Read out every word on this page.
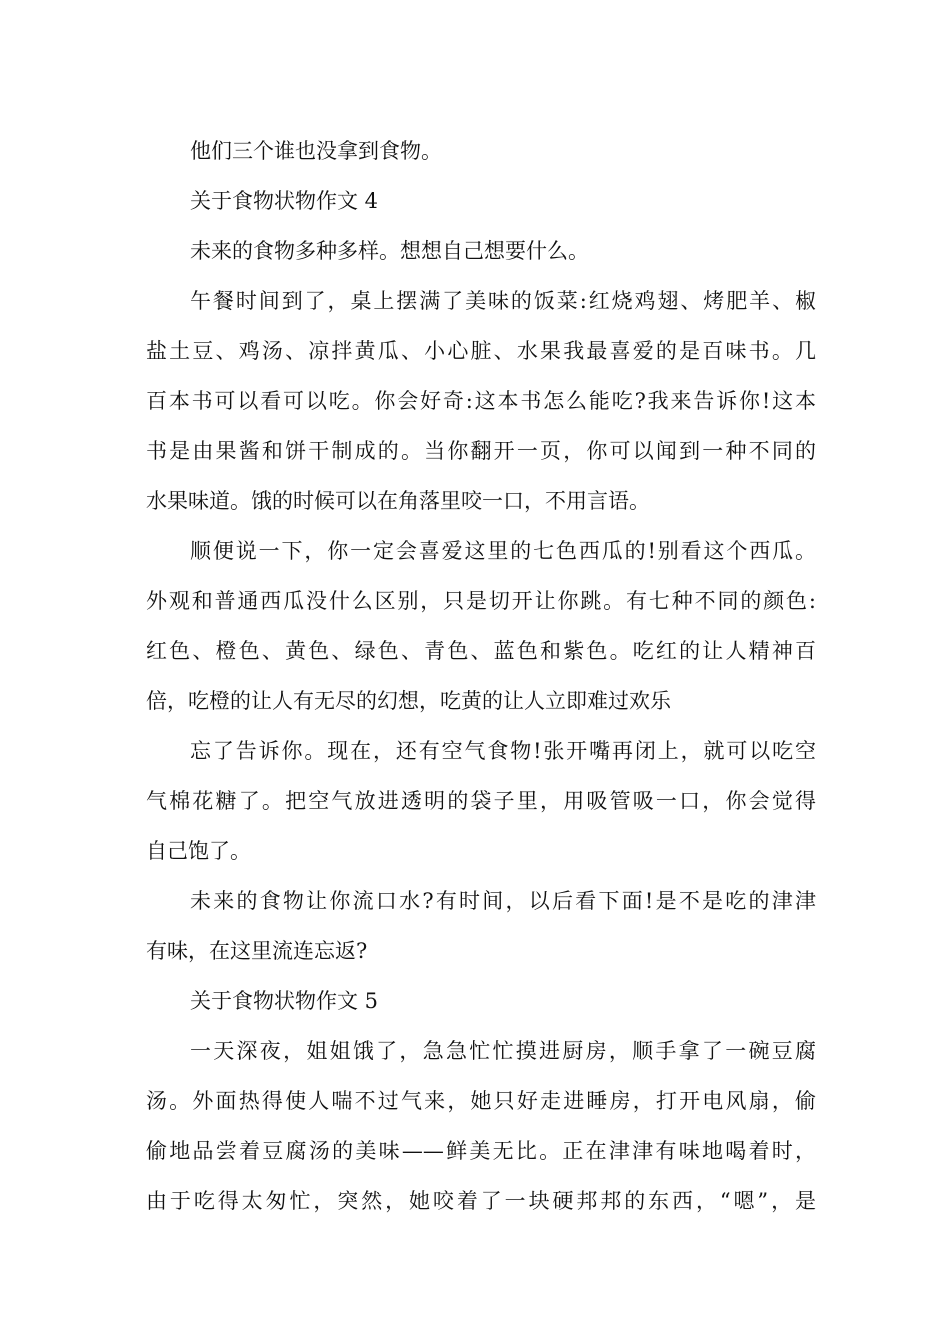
他们三个谁也没拿到食物。
关于食物状物作文 4
未来的食物多种多样。想想自己想要什么。
午餐时间到了，桌上摆满了美味的饭菜:红烧鸡翅、烤肥羊、椒
盐土豆、鸡汤、凉拌黄瓜、小心脏、水果我最喜爱的是百味书。几
百本书可以看可以吃。你会好奇:这本书怎么能吃?我来告诉你!这本
书是由果酱和饼干制成的。当你翻开一页，你可以闻到一种不同的
水果味道。饿的时候可以在角落里咬一口，不用言语。
顺便说一下，你一定会喜爱这里的七色西瓜的!别看这个西瓜。
外观和普通西瓜没什么区别，只是切开让你跳。有七种不同的颜色:
红色、橙色、黄色、绿色、青色、蓝色和紫色。吃红的让人精神百
倍，吃橙的让人有无尽的幻想，吃黄的让人立即难过欢乐
忘了告诉你。现在，还有空气食物!张开嘴再闭上，就可以吃空
气棉花糖了。把空气放进透明的袋子里，用吸管吸一口，你会觉得
自己饱了。
未来的食物让你流口水?有时间，以后看下面!是不是吃的津津
有味，在这里流连忘返?
关于食物状物作文 5
一天深夜，姐姐饿了，急急忙忙摸进厨房，顺手拿了一碗豆腐
汤。外面热得使人喘不过气来，她只好走进睡房，打开电风扇，偷
偷地品尝着豆腐汤的美味——鲜美无比。正在津津有味地喝着时，
由于吃得太匆忙，突然，她咬着了一块硬邦邦的东西，“嗯”，是
